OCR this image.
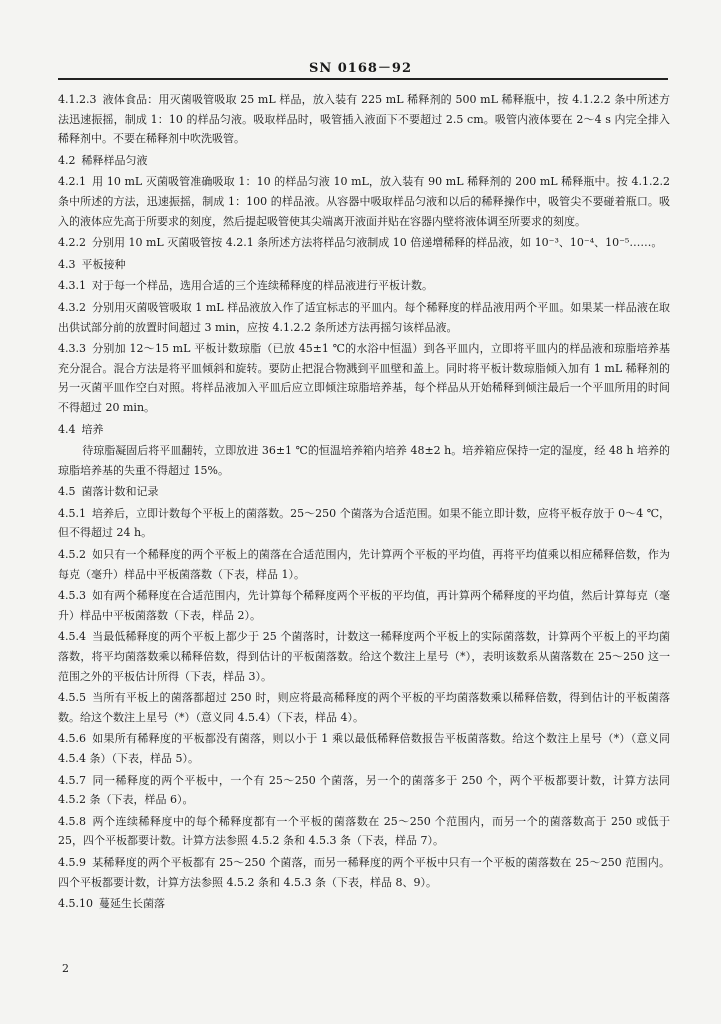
SN 0168－92
4.1.2.3 液体食品：用灭菌吸管吸取 25 mL 样品，放入装有 225 mL 稀释剂的 500 mL 稀释瓶中，按 4.1.2.2 条中所述方法迅速振摇，制成 1：10 的样品匀液。吸取样品时，吸管插入液面下不要超过 2.5 cm。吸管内液体要在 2～4 s 内完全排入稀释剂中。不要在稀释剂中吹洗吸管。
4.2 稀释样品匀液
4.2.1 用 10 mL 灭菌吸管准确吸取 1：10 的样品匀液 10 mL，放入装有 90 mL 稀释剂的 200 mL 稀释瓶中。按 4.1.2.2 条中所述的方法，迅速振摇，制成 1：100 的样品液。从容器中吸取样品匀液和以后的稀释操作中，吸管尖不要碰着瓶口。吸入的液体应先高于所要求的刻度，然后提起吸管使其尖端离开液面并贴在容器内壁将液体调至所要求的刻度。
4.2.2 分别用 10 mL 灭菌吸管按 4.2.1 条所述方法将样品匀液制成 10 倍递增稀释的样品液，如 10⁻³、10⁻⁴、10⁻⁵……。
4.3 平板接种
4.3.1 对于每一个样品，选用合适的三个连续稀释度的样品液进行平板计数。
4.3.2 分别用灭菌吸管吸取 1 mL 样品液放入作了适宜标志的平皿内。每个稀释度的样品液用两个平皿。如果某一样品液在取出供试部分前的放置时间超过 3 min，应按 4.1.2.2 条所述方法再摇匀该样品液。
4.3.3 分别加 12～15 mL 平板计数琼脂（已放 45±1 ℃的水浴中恒温）到各平皿内，立即将平皿内的样品液和琼脂培养基充分混合。混合方法是将平皿倾斜和旋转。要防止把混合物溅到平皿壁和盖上。同时将平板计数琼脂倾入加有 1 mL 稀释剂的另一灭菌平皿作空白对照。将样品液加入平皿后应立即倾注琼脂培养基，每个样品从开始稀释到倾注最后一个平皿所用的时间不得超过 20 min。
4.4 培养
待琼脂凝固后将平皿翻转，立即放进 36±1 ℃的恒温培养箱内培养 48±2 h。培养箱应保持一定的湿度，经 48 h 培养的琼脂培养基的失重不得超过 15%。
4.5 菌落计数和记录
4.5.1 培养后，立即计数每个平板上的菌落数。25～250 个菌落为合适范围。如果不能立即计数，应将平板存放于 0～4 ℃，但不得超过 24 h。
4.5.2 如只有一个稀释度的两个平板上的菌落在合适范围内，先计算两个平板的平均值，再将平均值乘以相应稀释倍数，作为每克（毫升）样品中平板菌落数（下表，样品 1）。
4.5.3 如有两个稀释度在合适范围内，先计算每个稀释度两个平板的平均值，再计算两个稀释度的平均值，然后计算每克（毫升）样品中平板菌落数（下表，样品 2）。
4.5.4 当最低稀释度的两个平板上都少于 25 个菌落时，计数这一稀释度两个平板上的实际菌落数，计算两个平板上的平均菌落数，将平均菌落数乘以稀释倍数，得到估计的平板菌落数。给这个数注上星号（*），表明该数系从菌落数在 25～250 这一范围之外的平板估计所得（下表，样品 3）。
4.5.5 当所有平板上的菌落都超过 250 时，则应将最高稀释度的两个平板的平均菌落数乘以稀释倍数，得到估计的平板菌落数。给这个数注上星号（*）（意义同 4.5.4）（下表，样品 4）。
4.5.6 如果所有稀释度的平板都没有菌落，则以小于 1 乘以最低稀释倍数报告平板菌落数。给这个数注上星号（*）（意义同 4.5.4 条）（下表，样品 5）。
4.5.7 同一稀释度的两个平板中，一个有 25～250 个菌落，另一个的菌落多于 250 个，两个平板都要计数，计算方法同 4.5.2 条（下表，样品 6）。
4.5.8 两个连续稀释度中的每个稀释度都有一个平板的菌落数在 25～250 个范围内，而另一个的菌落数高于 250 或低于 25，四个平板都要计数。计算方法参照 4.5.2 条和 4.5.3 条（下表，样品 7）。
4.5.9 某稀释度的两个平板都有 25～250 个菌落，而另一稀释度的两个平板中只有一个平板的菌落数在 25～250 范围内。四个平板都要计数，计算方法参照 4.5.2 条和 4.5.3 条（下表，样品 8、9）。
4.5.10 蔓延生长菌落
2
